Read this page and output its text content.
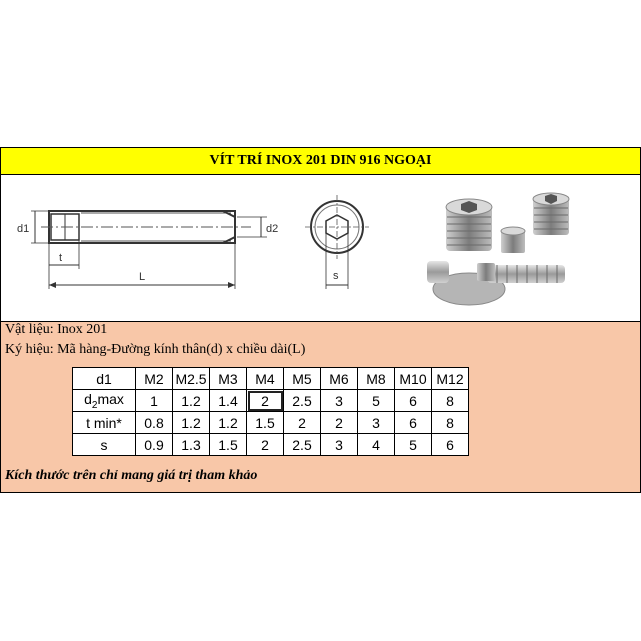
VÍT TRÍ INOX 201 DIN 916 NGOẠI
d1	d2
t
L	s
Vật liệu: Inox 201
Ký hiệu: Mã hàng-Đường kính thân(d) x chiều dài(L)
d1	M2	M2.5	M3	M4	M5	M6	M8	M10	M12
$d_2\max$	1	1.2	1.4	2	2.5	3	5	6	8
t min*	0.8	1.2	1.2	1.5	2	2	3	6	8
s	0.9	1.3	1.5	2	2.5	3	4	5	6
Kích thước trên chỉ mang giá trị tham khảo
